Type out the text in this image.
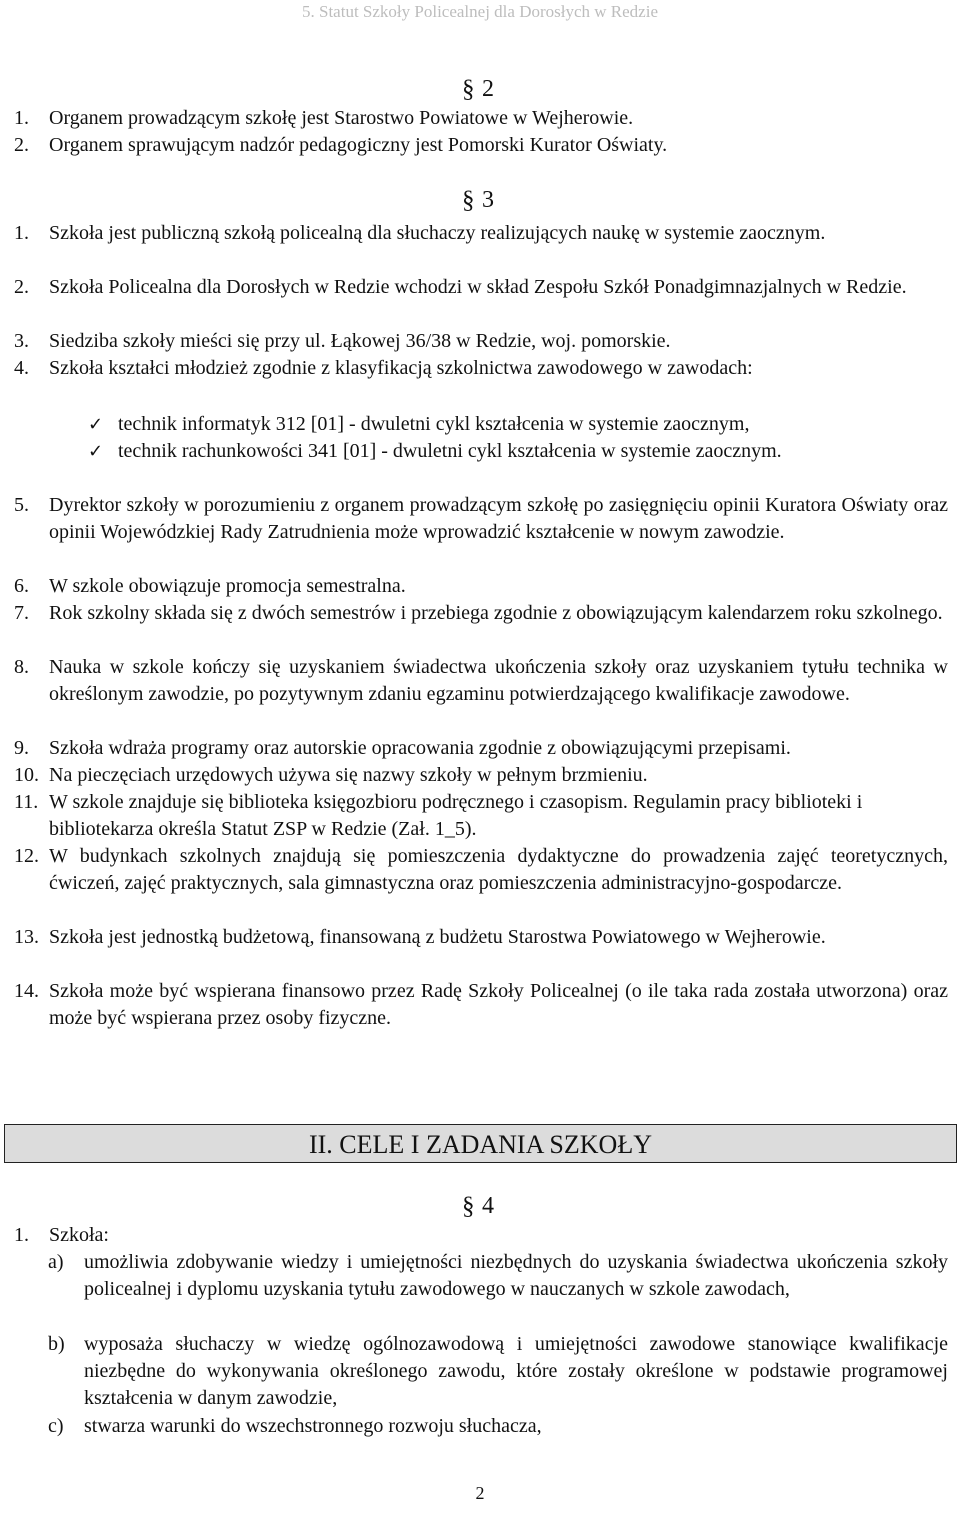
5. Statut Szkoły Policealnej dla Dorosłych w Redzie
§ 2
1. Organem prowadzącym szkołę jest Starostwo Powiatowe w Wejherowie.
2. Organem sprawującym nadzór pedagogiczny jest Pomorski Kurator Oświaty.
§ 3
1. Szkoła jest publiczną szkołą policealną dla słuchaczy realizujących naukę w systemie zaocznym.
2. Szkoła Policealna dla Dorosłych w Redzie wchodzi w skład Zespołu Szkół Ponadgimnazjalnych w Redzie.
3. Siedziba szkoły mieści się przy ul. Łąkowej 36/38 w Redzie, woj. pomorskie.
4. Szkoła kształci młodzież zgodnie z klasyfikacją szkolnictwa zawodowego w zawodach:
✓ technik informatyk 312 [01] - dwuletni cykl kształcenia w systemie zaocznym,
✓ technik rachunkowości 341 [01] - dwuletni cykl kształcenia w systemie zaocznym.
5. Dyrektor szkoły w porozumieniu z organem prowadzącym szkołę po zasięgnięciu opinii Kuratora Oświaty oraz opinii Wojewódzkiej Rady Zatrudnienia może wprowadzić kształcenie w nowym zawodzie.
6. W szkole obowiązuje promocja semestralna.
7. Rok szkolny składa się z dwóch semestrów i przebiega zgodnie z obowiązującym kalendarzem roku szkolnego.
8. Nauka w szkole kończy się uzyskaniem świadectwa ukończenia szkoły oraz uzyskaniem tytułu technika w określonym zawodzie, po pozytywnym zdaniu egzaminu potwierdzającego kwalifikacje zawodowe.
9. Szkoła wdraża programy oraz autorskie opracowania zgodnie z obowiązującymi przepisami.
10. Na pieczęciach urzędowych używa się nazwy szkoły w pełnym brzmieniu.
11. W szkole znajduje się biblioteka księgozbioru podręcznego i czasopism. Regulamin pracy biblioteki i bibliotekarza określa Statut ZSP w Redzie (Zał. 1_5).
12. W budynkach szkolnych znajdują się pomieszczenia dydaktyczne do prowadzenia zajęć teoretycznych, ćwiczeń, zajęć praktycznych, sala gimnastyczna oraz pomieszczenia administracyjno-gospodarcze.
13. Szkoła jest jednostką budżetową, finansowaną z budżetu Starostwa Powiatowego w Wejherowie.
14. Szkoła może być wspierana finansowo przez Radę Szkoły Policealnej (o ile taka rada została utworzona) oraz może być wspierana przez osoby fizyczne.
II. CELE I ZADANIA SZKOŁY
§ 4
1. Szkoła:
a) umożliwia zdobywanie wiedzy i umiejętności niezbędnych do uzyskania świadectwa ukończenia szkoły policealnej i dyplomu uzyskania tytułu zawodowego w nauczanych w szkole zawodach,
b) wyposaża słuchaczy w wiedzę ogólnozawodową i umiejętności zawodowe stanowiące kwalifikacje niezbędne do wykonywania określonego zawodu, które zostały określone w podstawie programowej kształcenia w danym zawodzie,
c) stwarza warunki do wszechstronnego rozwoju słuchacza,
2
